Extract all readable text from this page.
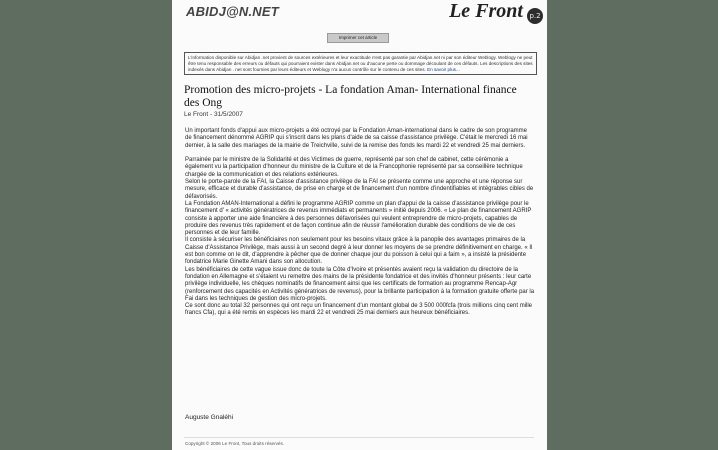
ABIDJ@N.NET	Le Front p.2
Imprimer cet article
L'information disponible sur Abidjan .net provient de sources extérieures et leur exactitude n'est pas garantie par Abidjan.net ni par son éditeur Weblogy. Weblogy ne peut être tenu responsable des erreurs ou défauts qui pourraient exister dans Abidjan.net ou d'aucune perte ou dommage découlant de ces défauts. Les descriptions des sites indexés dans Abidjan . net sont fournies par leurs éditeurs et Weblogy n'a aucun contrôle sur le contenu de ces sites. En savoir plus...
Promotion des micro-projets - La fondation Aman- International finance des Ong
Le Front - 31/5/2007

Un important fonds d'appui aux micro-projets a été octroyé par la Fondation Aman-international dans le cadre de son programme de financement dénommé AGRIP qui s'inscrit dans les plans d'aide de sa caisse d'assistance privilège. C'était le mercredi 16 mai dernier, à la salle des mariages de la mairie de Treichville, suivi de la remise des fonds les mardi 22 et vendredi 25 mai derniers.

Parrainée par le ministre de la Solidarité et des Victimes de guerre, représenté par son chef de cabinet, cette cérémonie a également vu la participation d'honneur du ministre de la Culture et de la Francophonie représenté par sa conseillère technique chargée de la communication et des relations extérieures.

Selon le porte-parole de la FAI, la Caisse d'assistance privilège de la FAI se présente comme une approche et une réponse sur mesure, efficace et durable d'assistance, de prise en charge et de financement d'un nombre d'indentifiables et intégrables cibles de défavorisés.

La Fondation AMAN-International a défini le programme AGRIP comme un plan d'appui de la caisse d'assistance privilège pour le financement d' « activités génératrices de revenus immédiats et permanents » initié depuis 2006. « Le plan de financement AGRIP consiste à apporter une aide financière à des personnes défavorisées qui veulent entreprendre de micro-projets, capables de produire des revenus très rapidement et de façon continue afin de réussir l'amélioration durable des conditions de vie de ces personnes et de leur famille.

Il consiste à sécuriser les bénéficiaires non seulement pour les besoins vitaux grâce à la panoplie des avantages primaires de la Caisse d'Assistance Privilège, mais aussi à un second degré à leur donner les moyens de se prendre définitivement en charge. « Il est bon comme on le dit, d'apprendre à pêcher que de donner chaque jour du poisson à celui qui a faim », a insisté la présidente fondatrice Marie Ginette Amani dans son allocution.

Les bénéficiaires de cette vague issue donc de toute la Côte d'Ivoire et présentés avaient reçu la validation du directoire de la fondation en Allemagne et s'étaient vu remettre des mains de la présidente fondatrice et des invités d'honneur présents : leur carte privilège individuelle, les chèques nominatifs de financement ainsi que les certificats de formation au programme Rencap-Agr (renforcement des capacités en Activités génératrices de revenus), pour la brillante participation à la formation gratuite offerte par la Fai dans les techniques de gestion des micro-projets.

Ce sont donc au total 32 personnes qui ont reçu un financement d'un montant global de 3 500 000fcfa (trois millions cinq cent mille francs Cfa), qui a été remis en espèces les mardi 22 et vendredi 25 mai derniers aux heureux bénéficiaires.

Auguste Gnaléhi
Copyright © 2006 Le Front, Tous droits réservés.
